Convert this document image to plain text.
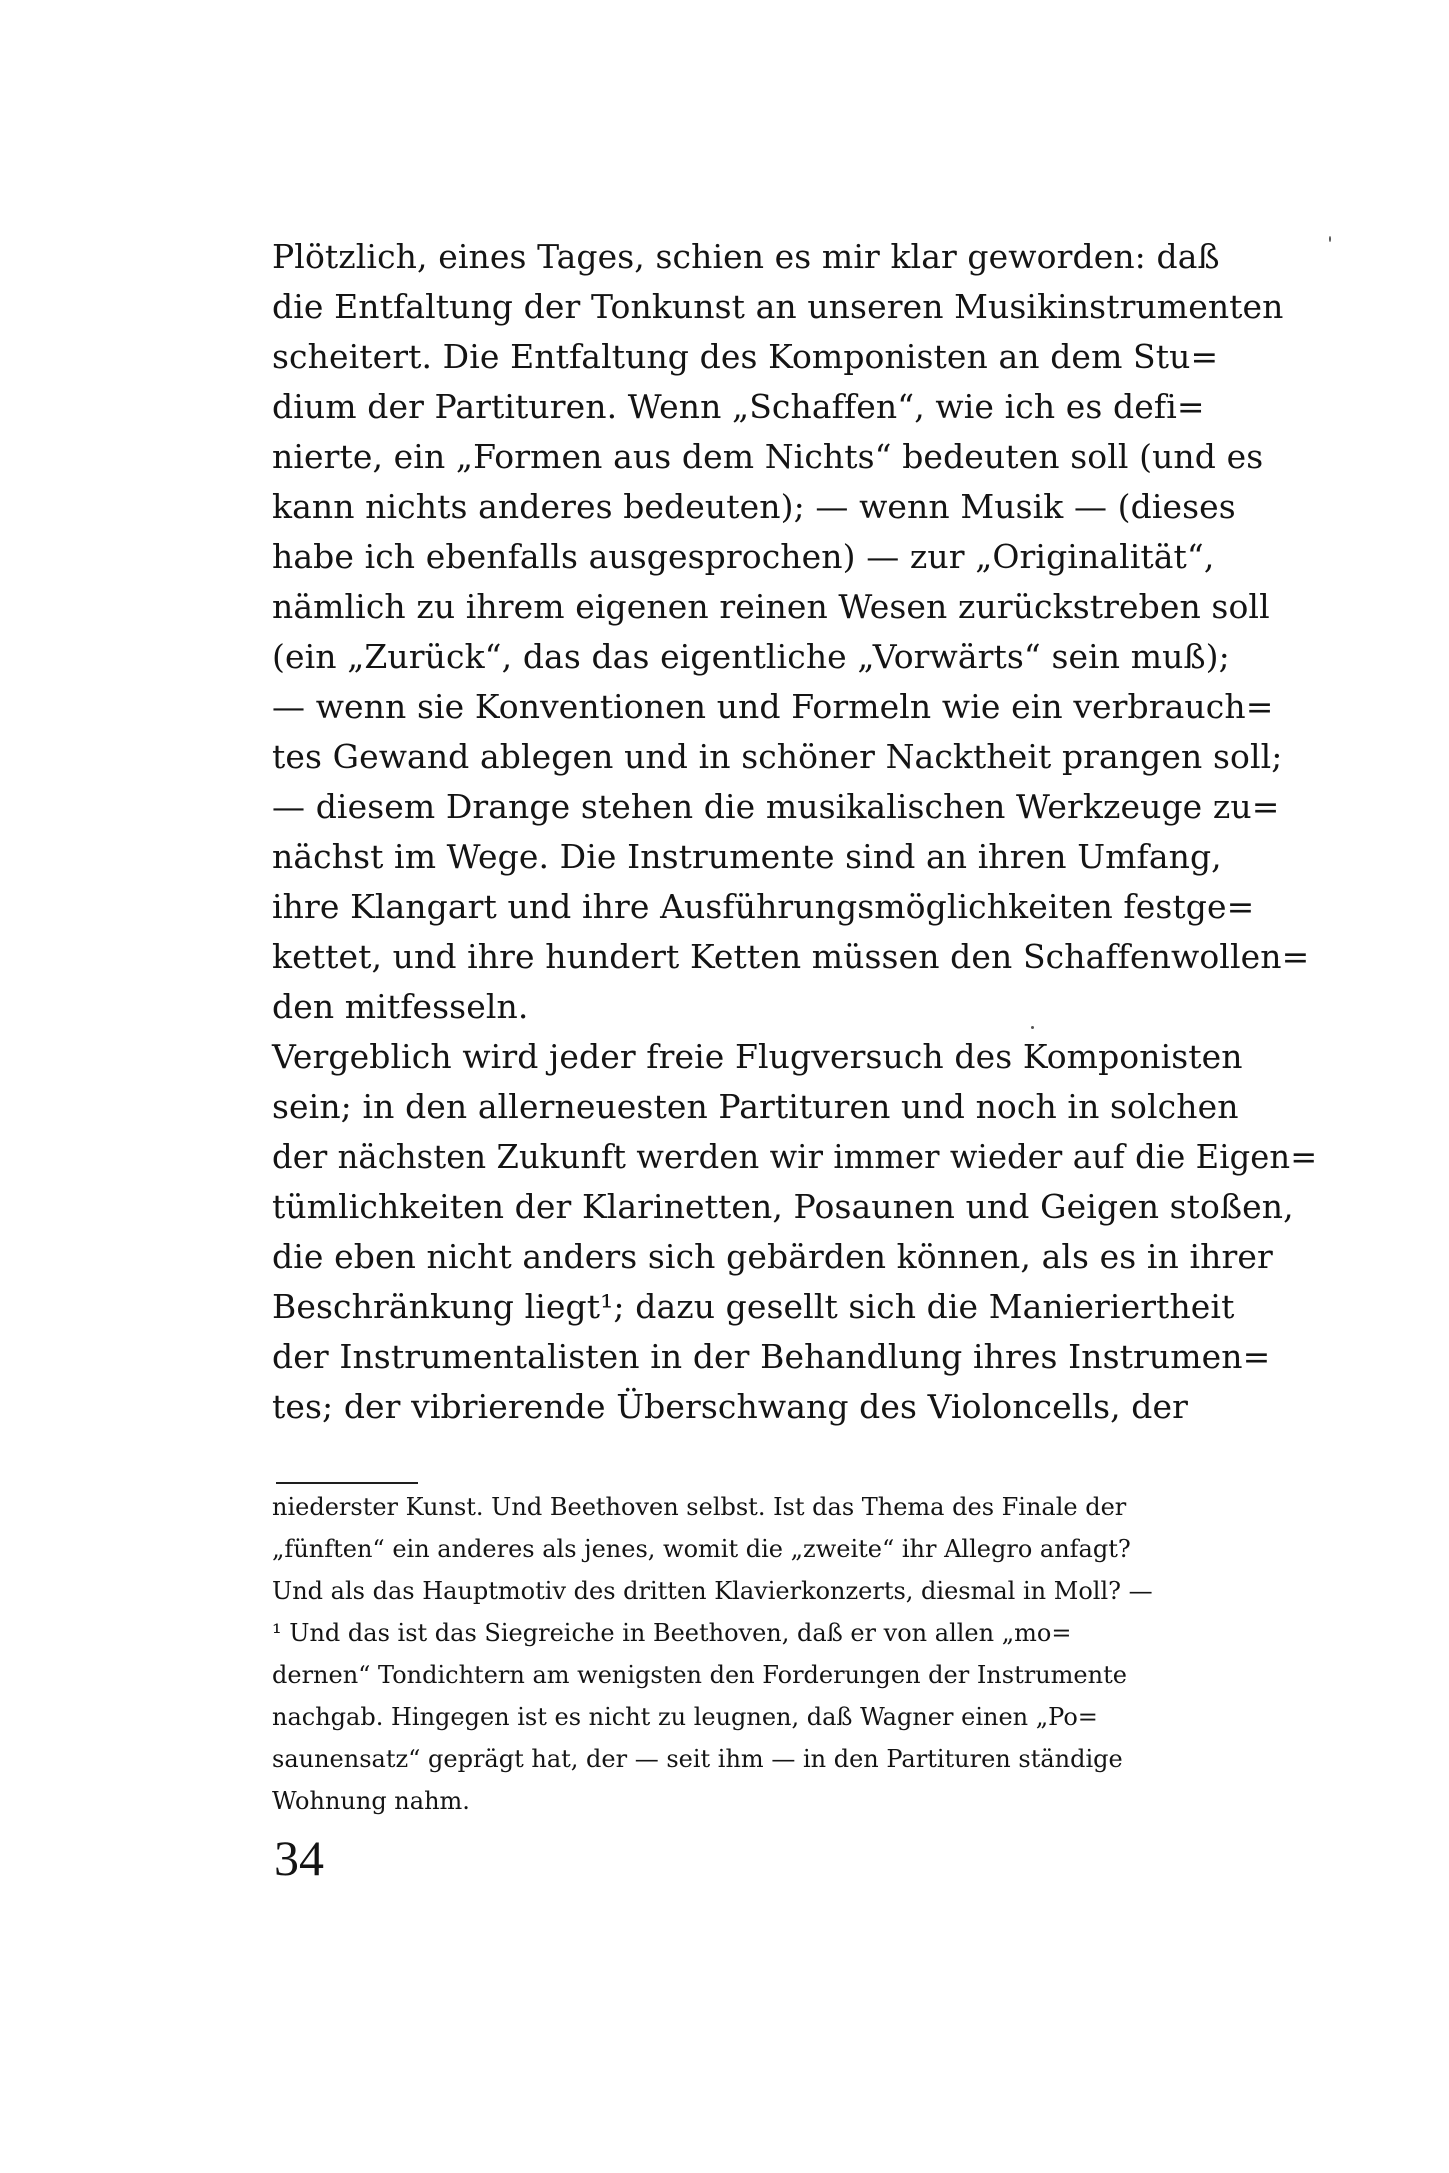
Plötzlich, eines Tages, schien es mir klar geworden: daß
die Entfaltung der Tonkunst an unseren Musikinstrumenten
scheitert. Die Entfaltung des Komponisten an dem Stu=
dium der Partituren. Wenn „Schaffen“, wie ich es defi=
nierte, ein „Formen aus dem Nichts“ bedeuten soll (und es
kann nichts anderes bedeuten); — wenn Musik — (dieses
habe ich ebenfalls ausgesprochen) — zur „Originalität“,
nämlich zu ihrem eigenen reinen Wesen zurückstreben soll
(ein „Zurück“, das das eigentliche „Vorwärts“ sein muß);
— wenn sie Konventionen und Formeln wie ein verbrauch=
tes Gewand ablegen und in schöner Nacktheit prangen soll;
— diesem Drange stehen die musikalischen Werkzeuge zu=
nächst im Wege. Die Instrumente sind an ihren Umfang,
ihre Klangart und ihre Ausführungsmöglichkeiten festge=
kettet, und ihre hundert Ketten müssen den Schaffenwollen=
den mitfesseln.
Vergeblich wird jeder freie Flugversuch des Komponisten
sein; in den allerneuesten Partituren und noch in solchen
der nächsten Zukunft werden wir immer wieder auf die Eigen=
tümlichkeiten der Klarinetten, Posaunen und Geigen stoßen,
die eben nicht anders sich gebärden können, als es in ihrer
Beschränkung liegt¹; dazu gesellt sich die Manieriertheit
der Instrumentalisten in der Behandlung ihres Instrumen=
tes; der vibrierende Überschwang des Violoncells, der
niederster Kunst. Und Beethoven selbst. Ist das Thema des Finale der
„fünften“ ein anderes als jenes, womit die „zweite“ ihr Allegro anfagt?
Und als das Hauptmotiv des dritten Klavierkonzerts, diesmal in Moll? —
¹ Und das ist das Siegreiche in Beethoven, daß er von allen „mo=
dernen“ Tondichtern am wenigsten den Forderungen der Instrumente
nachgab. Hingegen ist es nicht zu leugnen, daß Wagner einen „Po=
saunensatz“ geprägt hat, der — seit ihm — in den Partituren ständige
Wohnung nahm.
34
